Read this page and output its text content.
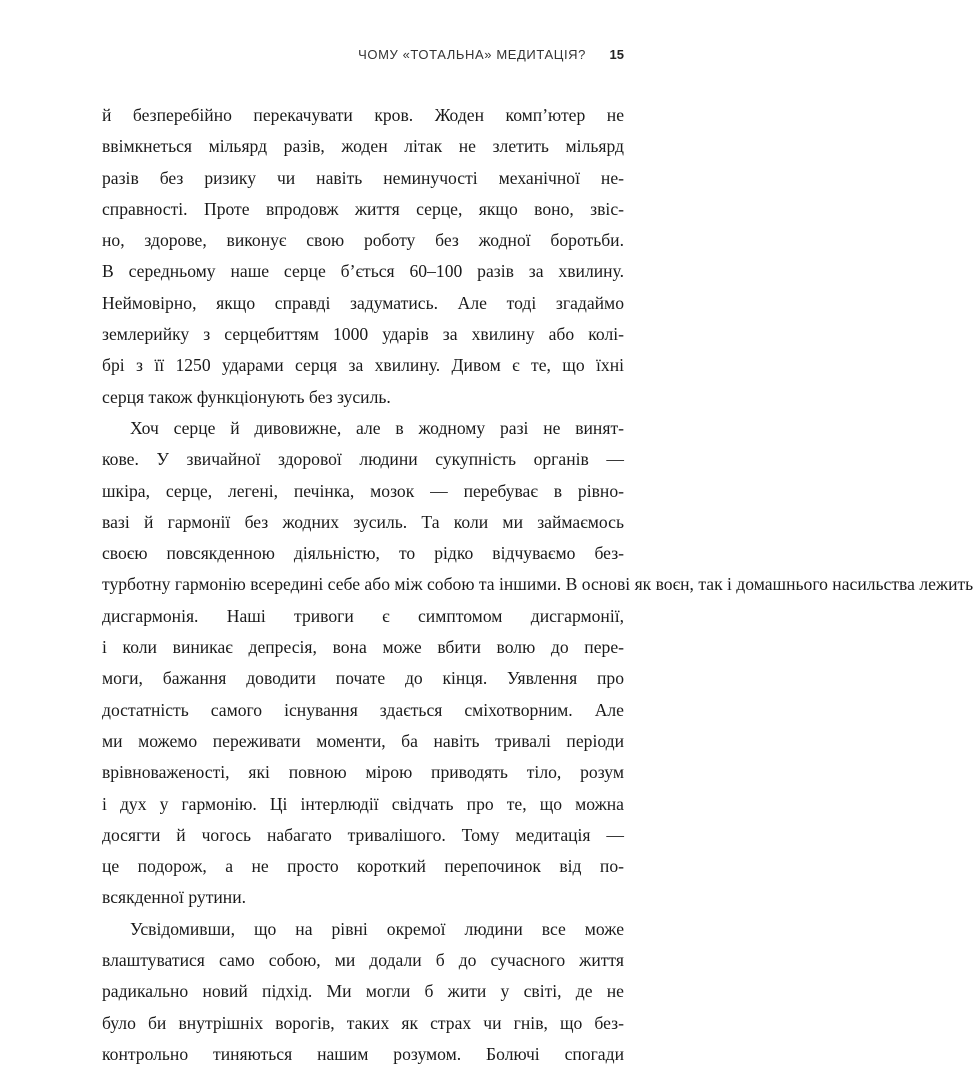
ЧОМУ «ТОТАЛЬНА» МЕДИТАЦІЯ? 15
й безперебійно перекачувати кров. Жоден комп’ютер не
ввімкнеться мільярд разів, жоден літак не злетить мільярд
разів без ризику чи навіть неминучості механічної не-
справності. Проте впродовж життя серце, якщо воно, звіс-
но, здорове, виконує свою роботу без жодної боротьби.
В середньому наше серце б’ється 60–100 разів за хвилину.
Неймовірно, якщо справді задуматись. Але тоді згадаймо
землерийку з серцебиттям 1000 ударів за хвилину або колі-
брі з її 1250 ударами серця за хвилину. Дивом є те, що їхні
серця також функціонують без зусиль.
Хоч серце й дивовижне, але в жодному разі не винят-
кове. У звичайної здорової людини сукупність органів —
шкіра, серце, легені, печінка, мозок — перебуває в рівно-
вазі й гармонії без жодних зусиль. Та коли ми займаємось
своєю повсякденною діяльністю, то рідко відчуваємо без-
турботну гармонію всередині себе або між собою та іншими. В основі як воєн, так і домашнього насильства лежить
дисгармонія. Наші тривоги є симптомом дисгармонії,
і коли виникає депресія, вона може вбити волю до пере-
моги, бажання доводити почате до кінця. Уявлення про
достатність самого існування здається сміхотворним. Але
ми можемо переживати моменти, ба навіть тривалі періоди
врівноваженості, які повною мірою приводять тіло, розум
і дух у гармонію. Ці інтерлюдії свідчать про те, що можна
досягти й чогось набагато тривалішого. Тому медитація —
це подорож, а не просто короткий перепочинок від по-
всякденної рутини.
Усвідомивши, що на рівні окремої людини все може
влаштуватися само собою, ми додали б до сучасного життя
радикально новий підхід. Ми могли б жити у світі, де не
було би внутрішніх ворогів, таких як страх чи гнів, що без-
контрольно тиняються нашим розумом. Болючі спогади
